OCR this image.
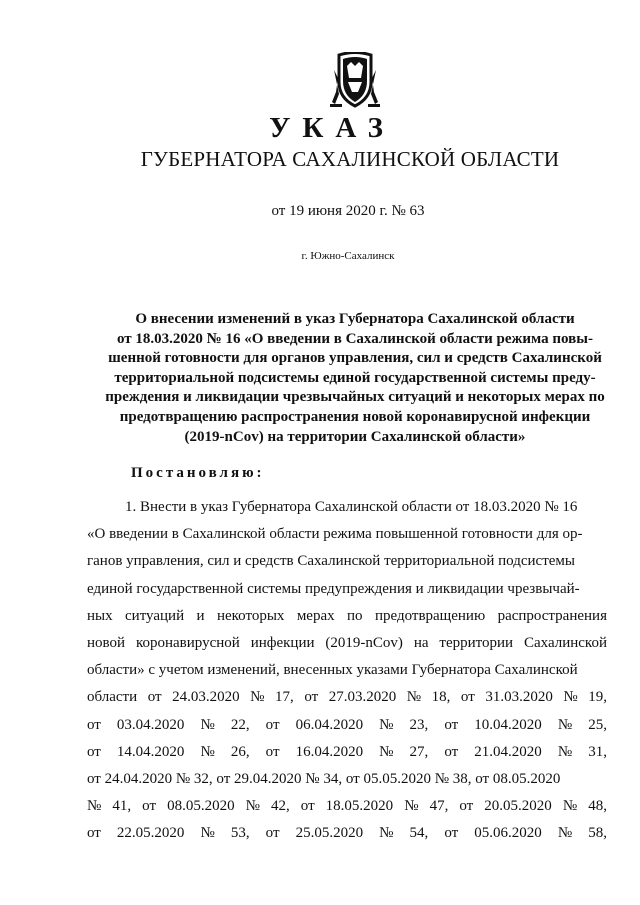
УКАЗ
ГУБЕРНАТОРА САХАЛИНСКОЙ ОБЛАСТИ
от 19 июня 2020 г. № 63
г. Южно-Сахалинск
О внесении изменений в указ Губернатора Сахалинской области
от 18.03.2020 № 16 «О введении в Сахалинской области режима повы-
шенной готовности для органов управления, сил и средств Сахалинской
территориальной подсистемы единой государственной системы преду-
преждения и ликвидации чрезвычайных ситуаций и некоторых мерах по
предотвращению распространения новой коронавирусной инфекции
(2019-nCov) на территории Сахалинской области»
Постановляю:
1. Внести в указ Губернатора Сахалинской области от 18.03.2020 № 16
«О введении в Сахалинской области режима повышенной готовности для ор-
ганов управления, сил и средств Сахалинской территориальной подсистемы
единой государственной системы предупреждения и ликвидации чрезвычай-
ных ситуаций и некоторых мерах по предотвращению распространения
новой коронавирусной инфекции (2019-nCov) на территории Сахалинской
области» с учетом изменений, внесенных указами Губернатора Сахалинской
области от 24.03.2020 № 17, от 27.03.2020 № 18, от 31.03.2020 № 19,
от 03.04.2020 № 22, от 06.04.2020 № 23, от 10.04.2020 № 25,
от 14.04.2020 № 26, от 16.04.2020 № 27, от 21.04.2020 № 31,
от 24.04.2020 № 32, от 29.04.2020 № 34, от 05.05.2020 № 38, от 08.05.2020
№ 41, от 08.05.2020 № 42, от 18.05.2020 № 47, от 20.05.2020 № 48,
от 22.05.2020 № 53, от 25.05.2020 № 54, от 05.06.2020 № 58,
